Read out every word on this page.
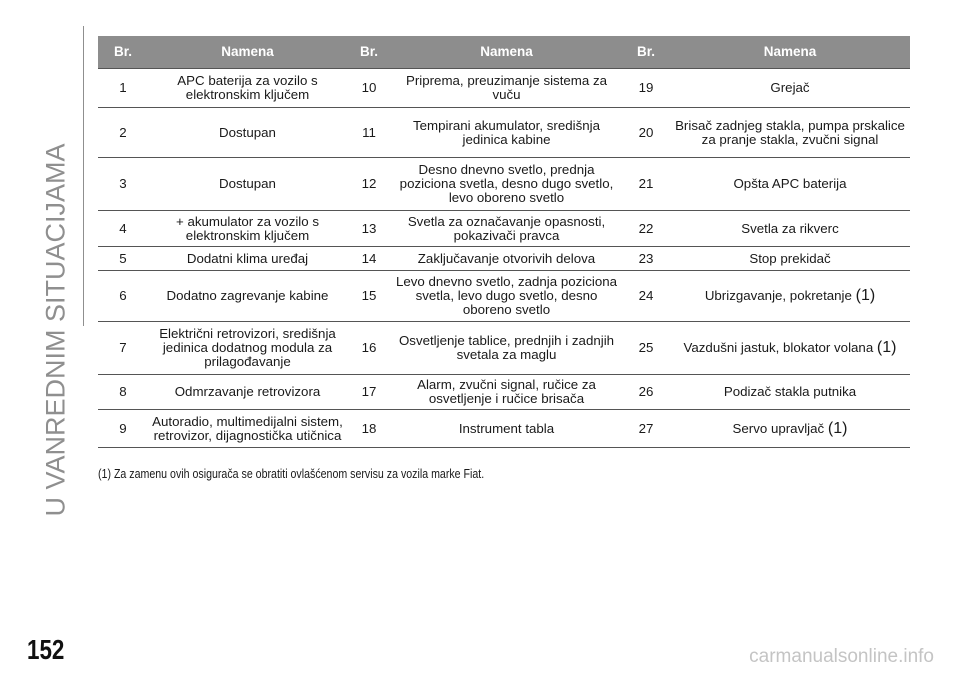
U VANREDNIM SITUACIJAMA
Br.	Namena	Br.	Namena	Br.	Namena
1	APC baterija za vozilo s elektronskim ključem	10	Priprema, preuzimanje sistema za vuču	19	Grejač
2	Dostupan	11	Tempirani akumulator, središnja jedinica kabine	20	Brisač zadnjeg stakla, pumpa prskalice za pranje stakla, zvučni signal
3	Dostupan	12	Desno dnevno svetlo, prednja poziciona svetla, desno dugo svetlo, levo oboreno svetlo	21	Opšta APC baterija
4	+ akumulator za vozilo s elektronskim ključem	13	Svetla za označavanje opasnosti, pokazivači pravca	22	Svetla za rikverc
5	Dodatni klima uređaj	14	Zaključavanje otvorivih delova	23	Stop prekidač
6	Dodatno zagrevanje kabine	15	Levo dnevno svetlo, zadnja poziciona svetla, levo dugo svetlo, desno oboreno svetlo	24	Ubrizgavanje, pokretanje (1)
7	Električni retrovizori, središnja jedinica dodatnog modula za prilagođavanje	16	Osvetljenje tablice, prednjih i zadnjih svetala za maglu	25	Vazdušni jastuk, blokator volana (1)
8	Odmrzavanje retrovizora	17	Alarm, zvučni signal, ručice za osvetljenje i ručice brisača	26	Podizač stakla putnika
9	Autoradio, multimedijalni sistem, retrovizor, dijagnostička utičnica	18	Instrument tabla	27	Servo upravljač (1)
(1) Za zamenu ovih osigurača se obratiti ovlašćenom servisu za vozila marke Fiat.
152	carmanualsonline.info
